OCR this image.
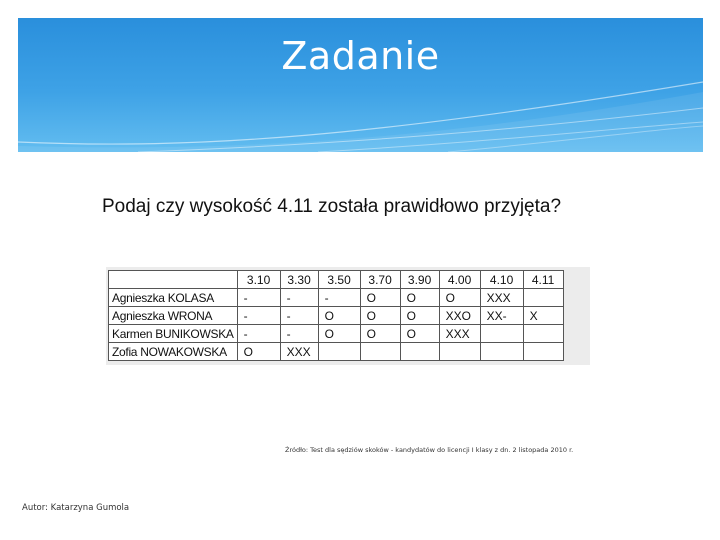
Zadanie
Podaj czy wysokość 4.11 została prawidłowo przyjęta?
	3.10	3.30	3.50	3.70	3.90	4.00	4.10	4.11
Agnieszka KOLASA	-	-	-	O	O	O	XXX	
Agnieszka WRONA	-	-	O	O	O	XXO	XX-	X
Karmen BUNIKOWSKA	-	-	O	O	O	XXX		
Zofia NOWAKOWSKA	O	XXX						
Źródło: Test dla sędziów skoków - kandydatów do licencji I klasy z dn. 2 listopada 2010 r.
Autor: Katarzyna Gumola
